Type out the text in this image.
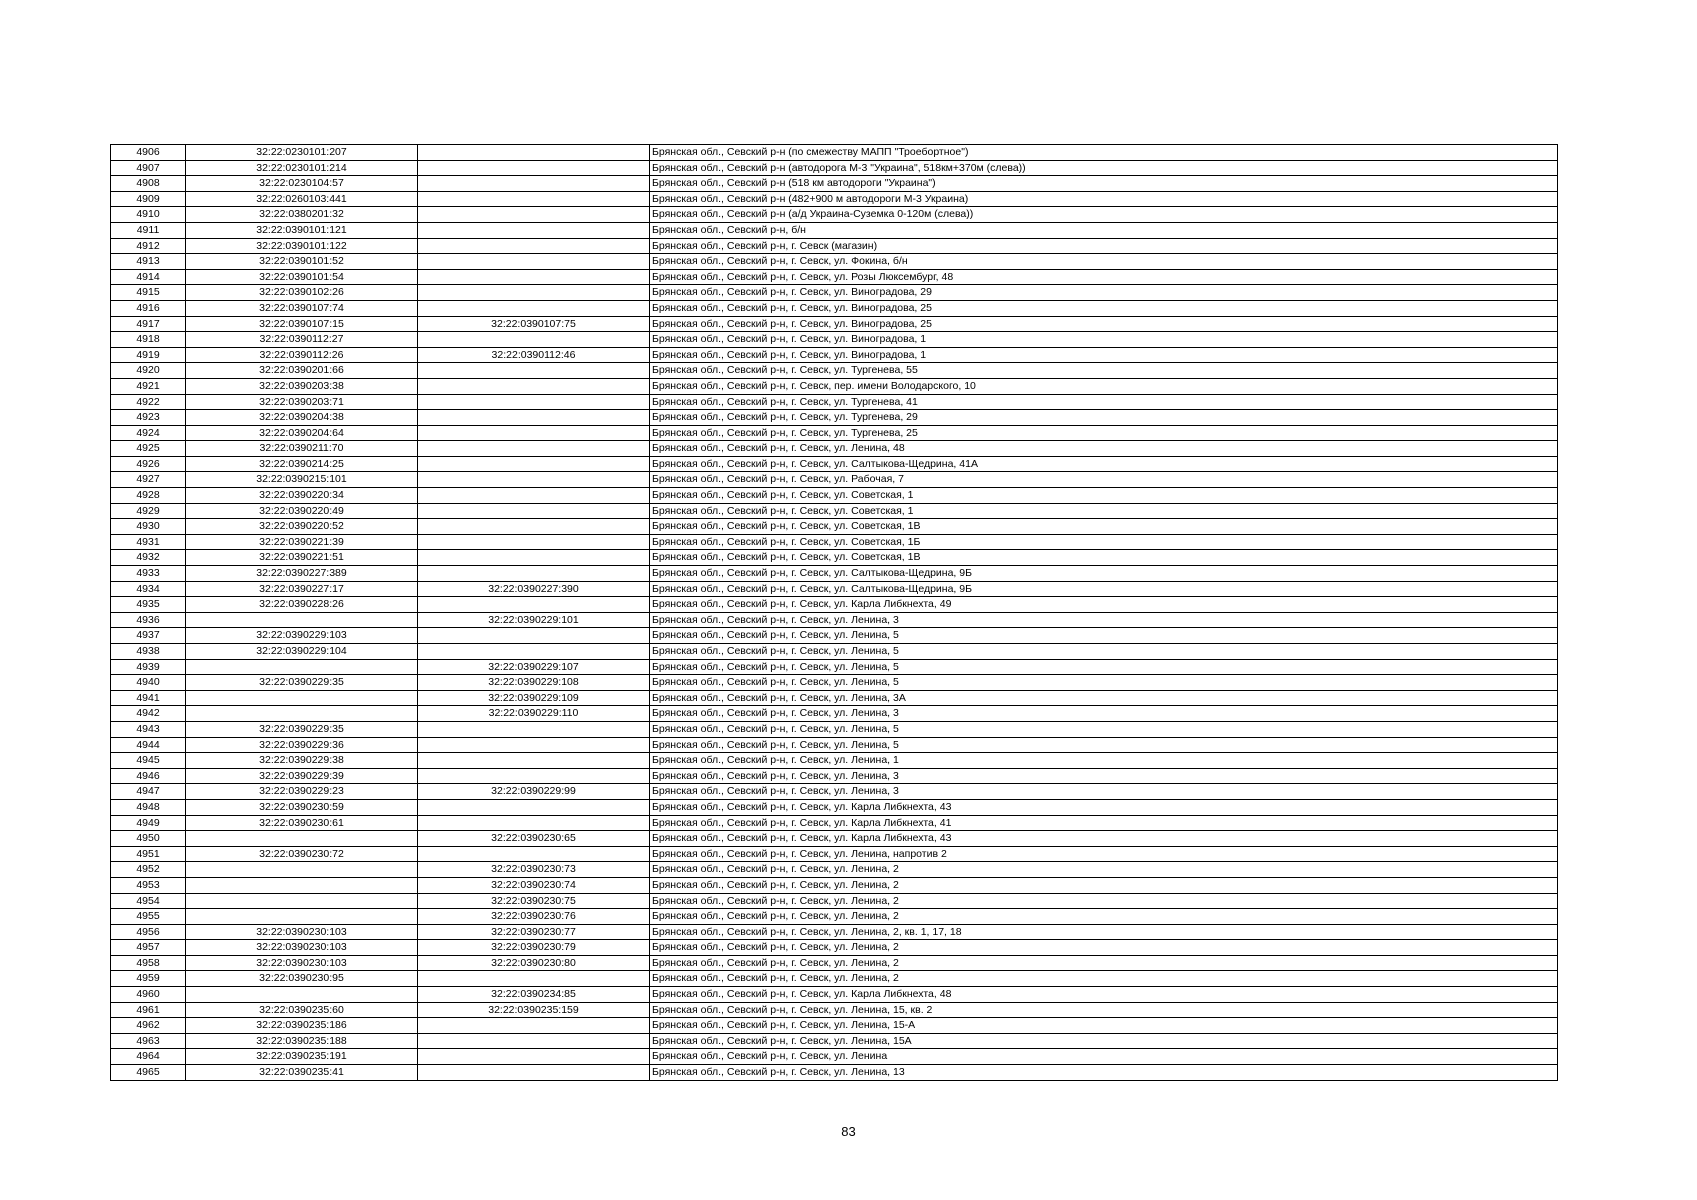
4906	32:22:0230101:207		Брянская обл., Севский р-н (по смежеству МАПП "Троебортное")
4907	32:22:0230101:214		Брянская обл., Севский р-н (автодорога М-3 "Украина", 518км+370м (слева))
4908	32:22:0230104:57		Брянская обл., Севский р-н (518 км автодороги "Украина")
4909	32:22:0260103:441		Брянская обл., Севский р-н (482+900 м автодороги М-3 Украина)
4910	32:22:0380201:32		Брянская обл., Севский р-н (а/д Украина-Суземка 0-120м (слева))
4911	32:22:0390101:121		Брянская обл., Севский р-н, б/н
4912	32:22:0390101:122		Брянская обл., Севский р-н, г. Севск (магазин)
4913	32:22:0390101:52		Брянская обл., Севский р-н, г. Севск, ул. Фокина, б/н
4914	32:22:0390101:54		Брянская обл., Севский р-н, г. Севск, ул. Розы Люксембург, 48
4915	32:22:0390102:26		Брянская обл., Севский р-н, г. Севск, ул. Виноградова, 29
4916	32:22:0390107:74		Брянская обл., Севский р-н, г. Севск, ул. Виноградова, 25
4917	32:22:0390107:15	32:22:0390107:75	Брянская обл., Севский р-н, г. Севск, ул. Виноградова, 25
4918	32:22:0390112:27		Брянская обл., Севский р-н, г. Севск, ул. Виноградова, 1
4919	32:22:0390112:26	32:22:0390112:46	Брянская обл., Севский р-н, г. Севск, ул. Виноградова, 1
4920	32:22:0390201:66		Брянская обл., Севский р-н, г. Севск, ул. Тургенева, 55
4921	32:22:0390203:38		Брянская обл., Севский р-н, г. Севск, пер. имени Володарского, 10
4922	32:22:0390203:71		Брянская обл., Севский р-н, г. Севск, ул. Тургенева, 41
4923	32:22:0390204:38		Брянская обл., Севский р-н, г. Севск, ул. Тургенева, 29
4924	32:22:0390204:64		Брянская обл., Севский р-н, г. Севск, ул. Тургенева, 25
4925	32:22:0390211:70		Брянская обл., Севский р-н, г. Севск, ул. Ленина, 48
4926	32:22:0390214:25		Брянская обл., Севский р-н, г. Севск, ул. Салтыкова-Щедрина, 41А
4927	32:22:0390215:101		Брянская обл., Севский р-н, г. Севск, ул. Рабочая, 7
4928	32:22:0390220:34		Брянская обл., Севский р-н, г. Севск, ул. Советская, 1
4929	32:22:0390220:49		Брянская обл., Севский р-н, г. Севск, ул. Советская, 1
4930	32:22:0390220:52		Брянская обл., Севский р-н, г. Севск, ул. Советская, 1В
4931	32:22:0390221:39		Брянская обл., Севский р-н, г. Севск, ул. Советская, 1Б
4932	32:22:0390221:51		Брянская обл., Севский р-н, г. Севск, ул. Советская, 1В
4933	32:22:0390227:389		Брянская обл., Севский р-н, г. Севск, ул. Салтыкова-Щедрина, 9Б
4934	32:22:0390227:17	32:22:0390227:390	Брянская обл., Севский р-н, г. Севск, ул. Салтыкова-Щедрина, 9Б
4935	32:22:0390228:26		Брянская обл., Севский р-н, г. Севск, ул. Карла Либкнехта, 49
4936		32:22:0390229:101	Брянская обл., Севский р-н, г. Севск, ул. Ленина, 3
4937	32:22:0390229:103		Брянская обл., Севский р-н, г. Севск, ул. Ленина, 5
4938	32:22:0390229:104		Брянская обл., Севский р-н, г. Севск, ул. Ленина, 5
4939		32:22:0390229:107	Брянская обл., Севский р-н, г. Севск, ул. Ленина, 5
4940	32:22:0390229:35	32:22:0390229:108	Брянская обл., Севский р-н, г. Севск, ул. Ленина, 5
4941		32:22:0390229:109	Брянская обл., Севский р-н, г. Севск, ул. Ленина, 3А
4942		32:22:0390229:110	Брянская обл., Севский р-н, г. Севск, ул. Ленина, 3
4943	32:22:0390229:35		Брянская обл., Севский р-н, г. Севск, ул. Ленина, 5
4944	32:22:0390229:36		Брянская обл., Севский р-н, г. Севск, ул. Ленина, 5
4945	32:22:0390229:38		Брянская обл., Севский р-н, г. Севск, ул. Ленина, 1
4946	32:22:0390229:39		Брянская обл., Севский р-н, г. Севск, ул. Ленина, 3
4947	32:22:0390229:23	32:22:0390229:99	Брянская обл., Севский р-н, г. Севск, ул. Ленина, 3
4948	32:22:0390230:59		Брянская обл., Севский р-н, г. Севск, ул. Карла Либкнехта, 43
4949	32:22:0390230:61		Брянская обл., Севский р-н, г. Севск, ул. Карла Либкнехта, 41
4950		32:22:0390230:65	Брянская обл., Севский р-н, г. Севск, ул. Карла Либкнехта, 43
4951	32:22:0390230:72		Брянская обл., Севский р-н, г. Севск, ул. Ленина, напротив 2
4952		32:22:0390230:73	Брянская обл., Севский р-н, г. Севск, ул. Ленина, 2
4953		32:22:0390230:74	Брянская обл., Севский р-н, г. Севск, ул. Ленина, 2
4954		32:22:0390230:75	Брянская обл., Севский р-н, г. Севск, ул. Ленина, 2
4955		32:22:0390230:76	Брянская обл., Севский р-н, г. Севск, ул. Ленина, 2
4956	32:22:0390230:103	32:22:0390230:77	Брянская обл., Севский р-н, г. Севск, ул. Ленина, 2, кв. 1, 17, 18
4957	32:22:0390230:103	32:22:0390230:79	Брянская обл., Севский р-н, г. Севск, ул. Ленина, 2
4958	32:22:0390230:103	32:22:0390230:80	Брянская обл., Севский р-н, г. Севск, ул. Ленина, 2
4959	32:22:0390230:95		Брянская обл., Севский р-н, г. Севск, ул. Ленина, 2
4960		32:22:0390234:85	Брянская обл., Севский р-н, г. Севск, ул. Карла Либкнехта, 48
4961	32:22:0390235:60	32:22:0390235:159	Брянская обл., Севский р-н, г. Севск, ул. Ленина, 15, кв. 2
4962	32:22:0390235:186		Брянская обл., Севский р-н, г. Севск, ул. Ленина, 15-А
4963	32:22:0390235:188		Брянская обл., Севский р-н, г. Севск, ул. Ленина, 15А
4964	32:22:0390235:191		Брянская обл., Севский р-н, г. Севск, ул. Ленина
4965	32:22:0390235:41		Брянская обл., Севский р-н, г. Севск, ул. Ленина, 13
83
